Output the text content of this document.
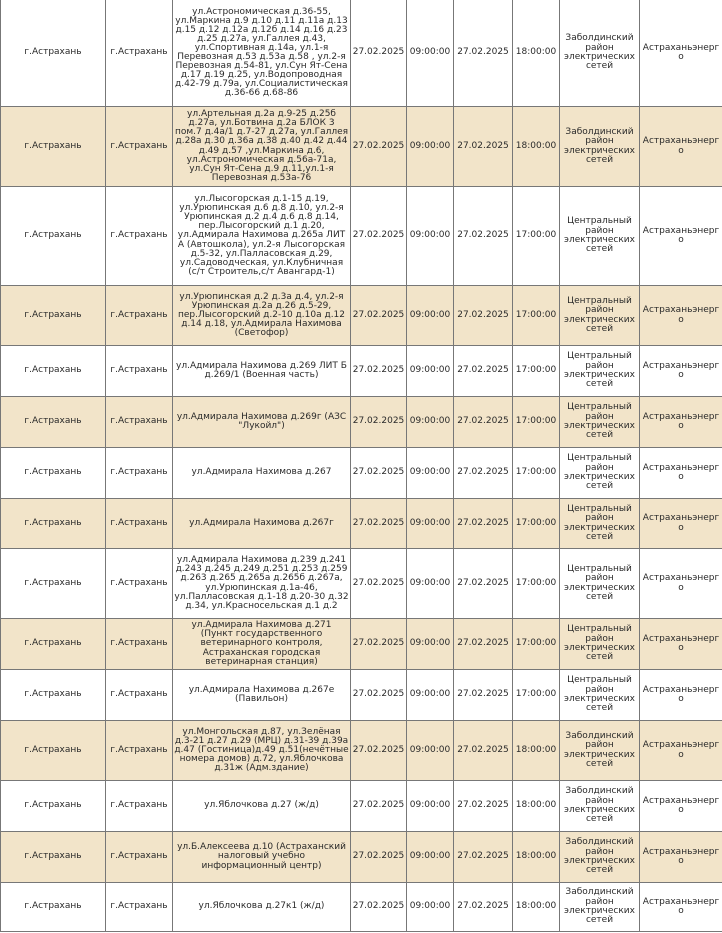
г.Астрахань	г.Астрахань	ул.Астрономическая д.36-55, ул.Маркина д.9 д.10 д.11 д.11а д.13 д.15 д.12 д.12а д.12б д.14 д.16 д.23 д.25 д.27а, ул.Галлея д.43, ул.Спортивная д.14а, ул.1-я Перевозная д.53 д.53а д.58 , ул.2-я Перевозная д.54-81, ул.Сун Ят-Сена д.17 д.19 д.25, ул.Водопроводная д.42-79 д.79а, ул.Социалистическая д.36-66 д.68-86	27.02.2025	09:00:00	27.02.2025	18:00:00	Заболдинский район электрических сетей	Астраханьэнерго
г.Астрахань	г.Астрахань	ул.Артельная д.2а д.9-25 д.25б д.27а, ул.Ботвина д.2а БЛОК 3 пом.7 д.4а/1 д.7-27 д.27а, ул.Галлея д.28а д.30 д.36а д.38 д.40 д.42 д.44 д.49 д.57 ,ул.Маркина д.6, ул.Астрономическая д.56а-71а, ул.Сун Ят-Сена д.9 д.11,ул.1-я Перевозная д.53а-76	27.02.2025	09:00:00	27.02.2025	18:00:00	Заболдинский район электрических сетей	Астраханьэнерго
г.Астрахань	г.Астрахань	ул.Лысогорская д.1-15 д.19, ул.Урюпинская д.6 д.8 д.10, ул.2-я Урюпинская д.2 д.4 д.6 д.8 д.14, пер.Лысогорский д.1 д.20, ул.Адмирала Нахимова д.265а ЛИТ А (Автошкола), ул.2-я Лысогорская д.5-32, ул.Палласовская д.29, ул.Садоводческая, ул.Клубничная (с/т Строитель,с/т Авангард-1)	27.02.2025	09:00:00	27.02.2025	17:00:00	Центральный район электрических сетей	Астраханьэнерго
г.Астрахань	г.Астрахань	ул.Урюпинская д.2 д.3а д.4, ул.2-я Урюпинская д.2а д.26 д.5-29, пер.Лысогорский д.2-10 д.10а д.12 д.14 д.18, ул.Адмирала Нахимова (Светофор)	27.02.2025	09:00:00	27.02.2025	17:00:00	Центральный район электрических сетей	Астраханьэнерго
г.Астрахань	г.Астрахань	ул.Адмирала Нахимова д.269 ЛИТ Б д.269/1 (Военная часть)	27.02.2025	09:00:00	27.02.2025	17:00:00	Центральный район электрических сетей	Астраханьэнерго
г.Астрахань	г.Астрахань	ул.Адмирала Нахимова д.269г (АЗС "Лукойл")	27.02.2025	09:00:00	27.02.2025	17:00:00	Центральный район электрических сетей	Астраханьэнерго
г.Астрахань	г.Астрахань	ул.Адмирала Нахимова д.267	27.02.2025	09:00:00	27.02.2025	17:00:00	Центральный район электрических сетей	Астраханьэнерго
г.Астрахань	г.Астрахань	ул.Адмирала Нахимова д.267г	27.02.2025	09:00:00	27.02.2025	17:00:00	Центральный район электрических сетей	Астраханьэнерго
г.Астрахань	г.Астрахань	ул.Адмирала Нахимова д.239 д.241 д.243 д.245 д.249 д.251 д.253 д.259 д.263 д.265 д.265а д.265б д.267а, ул.Урюпинская д.1а-46, ул.Палласовская д.1-18 д.20-30 д.32 д.34, ул.Красносельская д.1 д.2	27.02.2025	09:00:00	27.02.2025	17:00:00	Центральный район электрических сетей	Астраханьэнерго
г.Астрахань	г.Астрахань	ул.Адмирала Нахимова д.271 (Пункт государственного ветеринарного контроля, Астраханская городская ветеринарная станция)	27.02.2025	09:00:00	27.02.2025	17:00:00	Центральный район электрических сетей	Астраханьэнерго
г.Астрахань	г.Астрахань	ул.Адмирала Нахимова д.267е (Павильон)	27.02.2025	09:00:00	27.02.2025	17:00:00	Центральный район электрических сетей	Астраханьэнерго
г.Астрахань	г.Астрахань	ул.Монгольская д.87, ул.Зелёная д.3-21 д.27 д.29 (МРЦ) д.31-39 д.39а д.47 (Гостиница)д.49 д.51(нечётные номера домов) д.72, ул.Яблочкова д.31ж (Адм.здание)	27.02.2025	09:00:00	27.02.2025	18:00:00	Заболдинский район электрических сетей	Астраханьэнерго
г.Астрахань	г.Астрахань	ул.Яблочкова д.27 (ж/д)	27.02.2025	09:00:00	27.02.2025	18:00:00	Заболдинский район электрических сетей	Астраханьэнерго
г.Астрахань	г.Астрахань	ул.Б.Алексеева д.10 (Астраханский налоговый учебно информационный центр)	27.02.2025	09:00:00	27.02.2025	18:00:00	Заболдинский район электрических сетей	Астраханьэнерго
г.Астрахань	г.Астрахань	ул.Яблочкова д.27к1 (ж/д)	27.02.2025	09:00:00	27.02.2025	18:00:00	Заболдинский район электрических сетей	Астраханьэнерго
